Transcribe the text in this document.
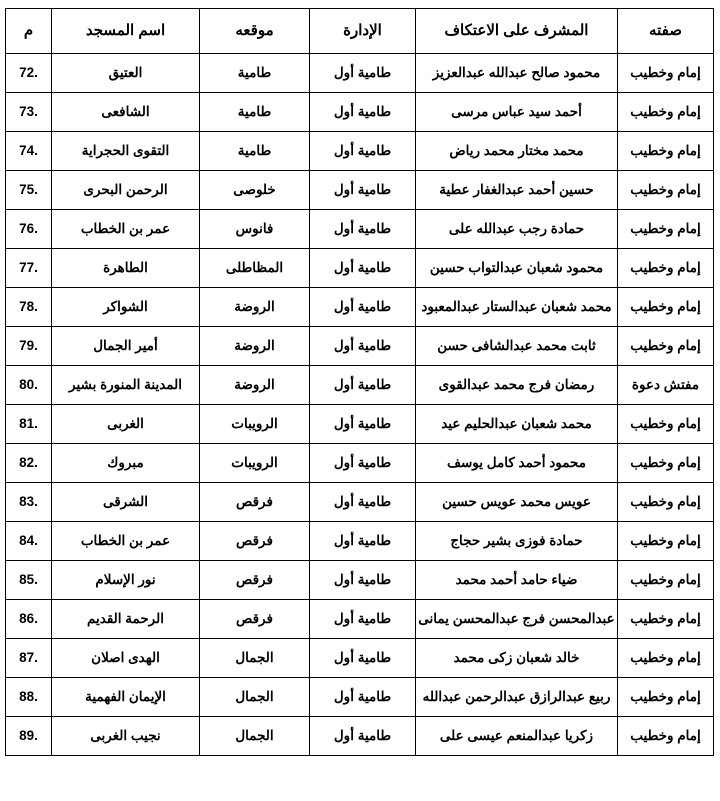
صفته	المشرف على الاعتكاف	الإدارة	موقعه	اسم المسجد	م
إمام وخطيب	محمود صالح عبدالله عبدالعزيز	طامية أول	طامية	العتيق	72.
إمام وخطيب	أحمد سيد عباس مرسى	طامية أول	طامية	الشافعى	73.
إمام وخطيب	محمد مختار محمد رياض	طامية أول	طامية	التقوى الحجراية	74.
إمام وخطيب	حسين أحمد عبدالغفار عطية	طامية أول	خلوصى	الرحمن البحرى	75.
إمام وخطيب	حمادة رجب عبدالله على	طامية أول	فانوس	عمر بن الخطاب	76.
إمام وخطيب	محمود شعبان عبدالتواب حسين	طامية أول	المظاطلى	الطاهرة	77.
إمام وخطيب	محمد شعبان عبدالستار عبدالمعبود	طامية أول	الروضة	الشواكر	78.
إمام وخطيب	ثابت محمد عبدالشافى حسن	طامية أول	الروضة	أمير الجمال	79.
مفتش دعوة	رمضان فرج محمد عبدالقوى	طامية أول	الروضة	المدينة المنورة بشير	80.
إمام وخطيب	محمد شعبان عبدالحليم عيد	طامية أول	الرويبات	الغربى	81.
إمام وخطيب	محمود أحمد كامل يوسف	طامية أول	الرويبات	مبروك	82.
إمام وخطيب	عويس محمد عويس حسين	طامية أول	فرقص	الشرقى	83.
إمام وخطيب	حمادة فوزى بشير حجاج	طامية أول	فرقص	عمر بن الخطاب	84.
إمام وخطيب	ضياء حامد أحمد محمد	طامية أول	فرقص	نور الإسلام	85.
إمام وخطيب	عبدالمحسن فرج عبدالمحسن يمانى	طامية أول	فرقص	الرحمة القديم	86.
إمام وخطيب	خالد شعبان زكى محمد	طامية أول	الجمال	الهدى اصلان	87.
إمام وخطيب	ربيع عبدالرازق عبدالرحمن عبدالله	طامية أول	الجمال	الإيمان الفهمية	88.
إمام وخطيب	زكريا عبدالمنعم عيسى على	طامية أول	الجمال	نجيب الغربى	89.
